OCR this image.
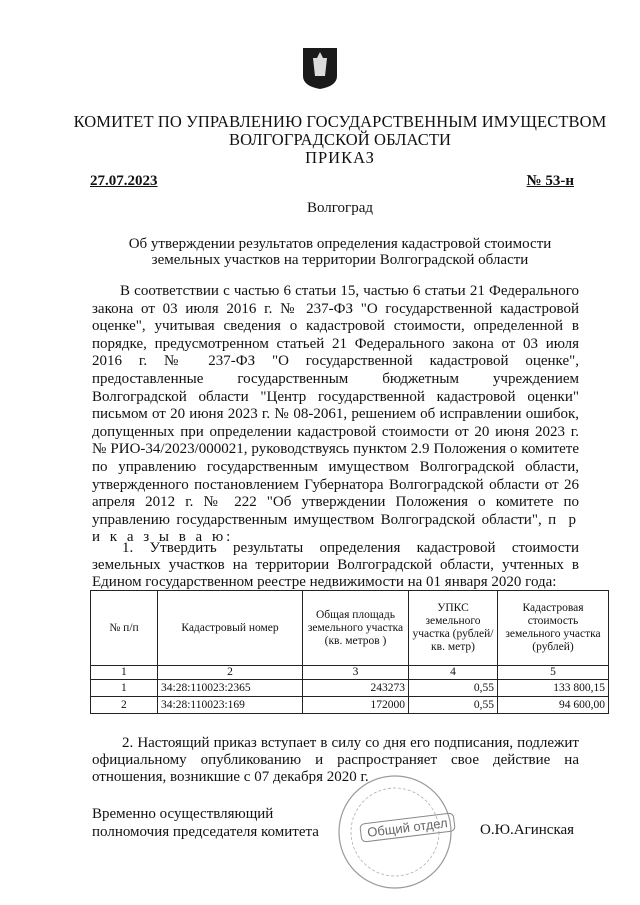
КОМИТЕТ ПО УПРАВЛЕНИЮ ГОСУДАРСТВЕННЫМ ИМУЩЕСТВОМ
ВОЛГОГРАДСКОЙ ОБЛАСТИ
ПРИКАЗ
27.07.2023	№ 53-н
Волгоград
Об утверждении результатов определения кадастровой стоимости
земельных участков на территории Волгоградской области

В соответствии с частью 6 статьи 15, частью 6 статьи 21 Федерального закона от 03 июля 2016 г. № 237-ФЗ "О государственной кадастровой оценке", учитывая сведения о кадастровой стоимости, определенной в порядке, предусмотренном статьей 21 Федерального закона от 03 июля 2016 г. № 237-ФЗ "О государственной кадастровой оценке", предоставленные государственным бюджетным учреждением Волгоградской области "Центр государственной кадастровой оценки" письмом от 20 июня 2023 г. № 08-2061, решением об исправлении ошибок, допущенных при определении кадастровой стоимости от 20 июня 2023 г. № РИО-34/2023/000021, руководствуясь пунктом 2.9 Положения о комитете по управлению государственным имуществом Волгоградской области, утвержденного постановлением Губернатора Волгоградской области от 26 апреля 2012 г. № 222 "Об утверждении Положения о комитете по управлению государственным имуществом Волгоградской области", п р и к а з ы в а ю:

1. Утвердить результаты определения кадастровой стоимости земельных участков на территории Волгоградской области, учтенных в Едином государственном реестре недвижимости на 01 января 2020 года:
№ п/п	Кадастровый номер	Общая площадь земельного участка (кв. метров )	УПКС земельного участка (рублей/кв. метр)	Кадастровая стоимость земельного участка (рублей)
1	2	3	4	5
1	34:28:110023:2365	243273	0,55	133 800,15
2	34:28:110023:169	172000	0,55	94 600,00
2. Настоящий приказ вступает в силу со дня его подписания, подлежит официальному опубликованию и распространяет свое действие на отношения, возникшие с 07 декабря 2020 г.
Общий отдел
Временно осуществляющий
полномочия председателя комитета	О.Ю.Агинская
